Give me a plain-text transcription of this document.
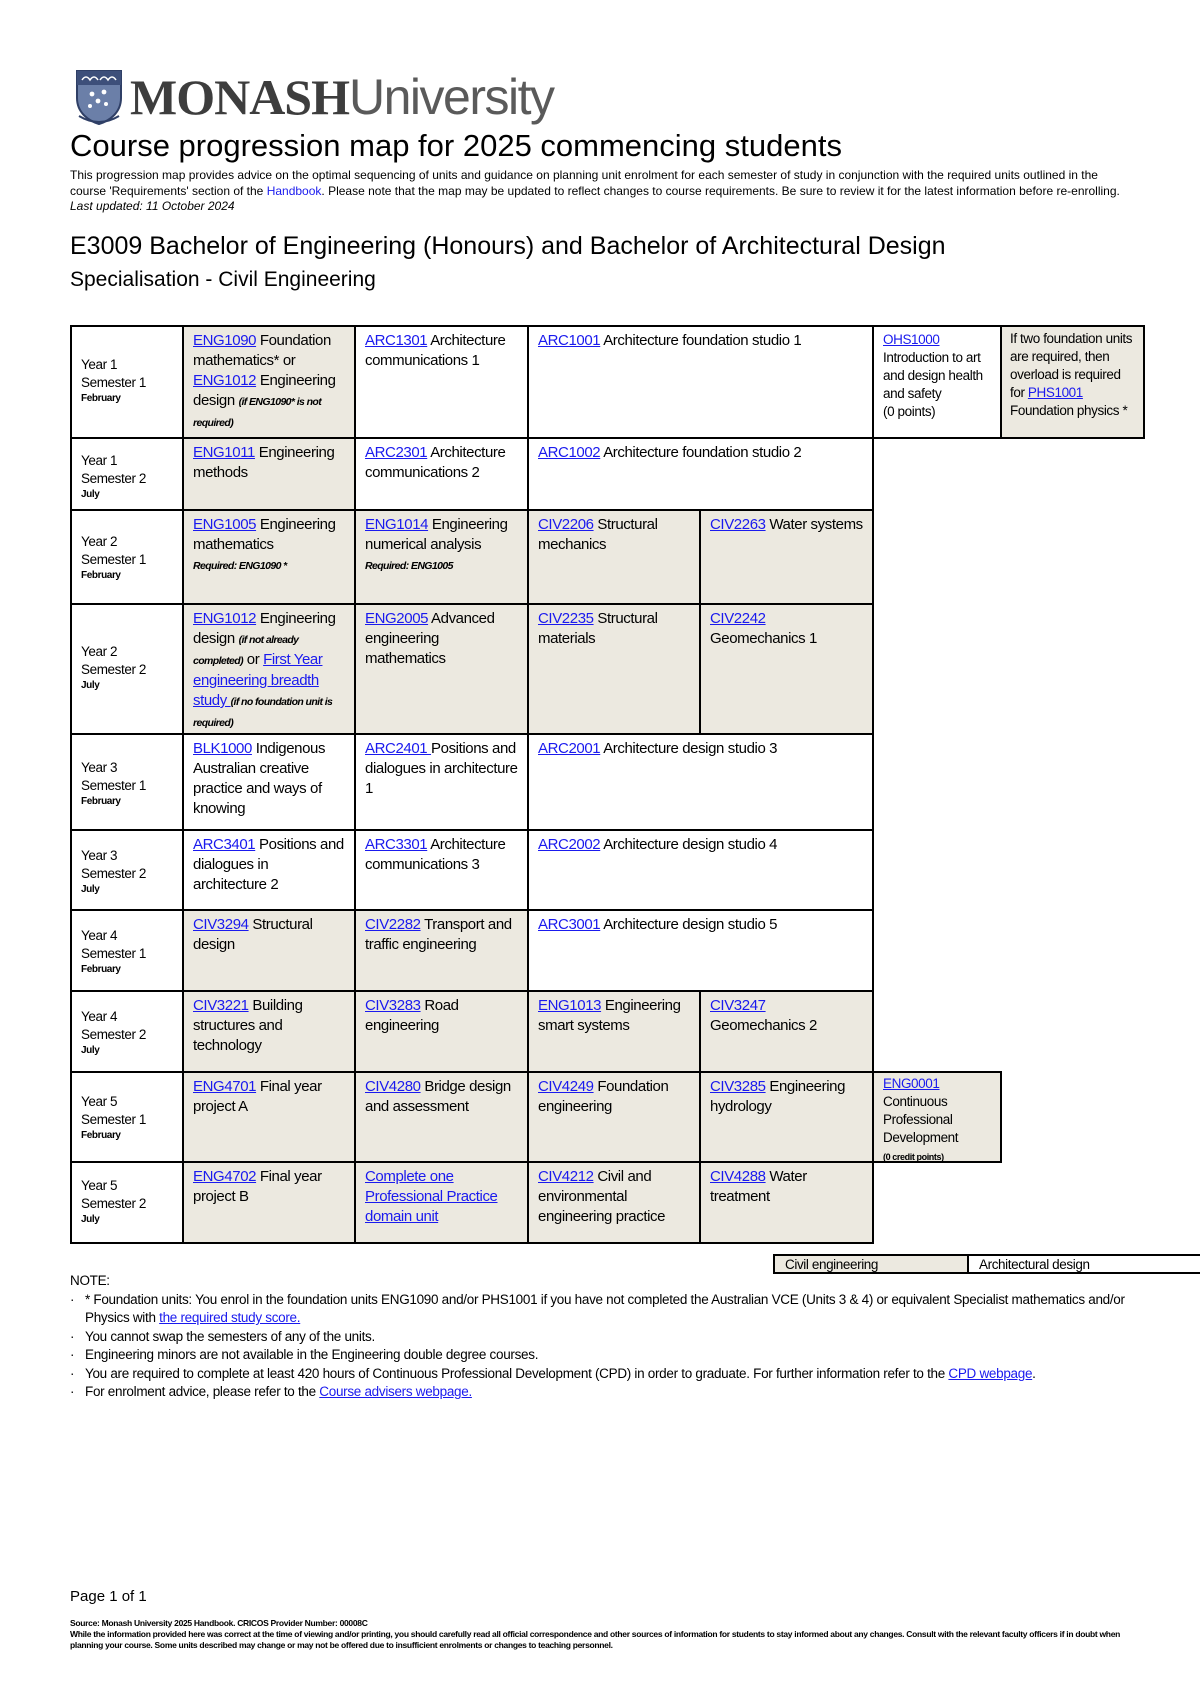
MONASHUniversity
Course progression map for 2025 commencing students
This progression map provides advice on the optimal sequencing of units and guidance on planning unit enrolment for each semester of study in conjunction with the required units outlined in the course 'Requirements' section of the Handbook. Please note that the map may be updated to reflect changes to course requirements. Be sure to review it for the latest information before re-enrolling. Last updated: 11 October 2024
E3009 Bachelor of Engineering (Honours) and Bachelor of Architectural Design
Specialisation - Civil Engineering
Year 1
Semester 1
February
Year 1
Semester 2
July
Year 2
Semester 1
February
Year 2
Semester 2
July
Year 3
Semester 1
February
Year 3
Semester 2
July
Year 4
Semester 1
February
Year 4
Semester 2
July
Year 5
Semester 1
February
Year 5
Semester 2
July
ENG1090 Foundation mathematics* or ENG1012 Engineering design (if ENG1090* is not required)
ARC1301 Architecture communications 1
ARC1001 Architecture foundation studio 1	OHS1000
Introduction to art and design health and safety
(0 points)
If two foundation units are required, then overload is required for PHS1001 Foundation physics *
ENG1011 Engineering methods
ARC2301 Architecture communications 2
ARC1002 Architecture foundation studio 2
ENG1005 Engineering mathematics
Required: ENG1090 *
ENG1014 Engineering numerical analysis
Required: ENG1005
CIV2206 Structural mechanics
CIV2263 Water systems
ENG1012 Engineering design (if not already completed) or First Year engineering breadth study (if no foundation unit is required)
ENG2005 Advanced engineering mathematics
CIV2235 Structural materials
CIV2242
Geomechanics 1
BLK1000 Indigenous Australian creative practice and ways of knowing
ARC2401 Positions and dialogues in architecture 1
ARC2001 Architecture design studio 3
ARC3401 Positions and dialogues in architecture 2
ARC3301 Architecture communications 3
ARC2002 Architecture design studio 4
CIV3294 Structural design
CIV2282 Transport and traffic engineering
ARC3001 Architecture design studio 5
CIV3221 Building structures and technology
CIV3283 Road engineering
ENG1013 Engineering smart systems
CIV3247
Geomechanics 2
ENG4701 Final year project A
CIV4280 Bridge design and assessment
CIV4249 Foundation engineering
CIV3285 Engineering hydrology
ENG0001
Continuous Professional Development
(0 credit points)
ENG4702 Final year project B
Complete one Professional Practice domain unit
CIV4212 Civil and environmental engineering practice
CIV4288 Water treatment
Civil engineering	Architectural design
NOTE:
· * Foundation units: You enrol in the foundation units ENG1090 and/or PHS1001 if you have not completed the Australian VCE (Units 3 & 4) or equivalent Specialist mathematics and/or Physics with the required study score.
· You cannot swap the semesters of any of the units.
· Engineering minors are not available in the Engineering double degree courses.
· You are required to complete at least 420 hours of Continuous Professional Development (CPD) in order to graduate. For further information refer to the CPD webpage.
· For enrolment advice, please refer to the Course advisers webpage.
Page 1 of 1
Source: Monash University 2025 Handbook. CRICOS Provider Number: 00008C
While the information provided here was correct at the time of viewing and/or printing, you should carefully read all official correspondence and other sources of information for students to stay informed about any changes. Consult with the relevant faculty officers if in doubt when planning your course. Some units described may change or may not be offered due to insufficient enrolments or changes to teaching personnel.
